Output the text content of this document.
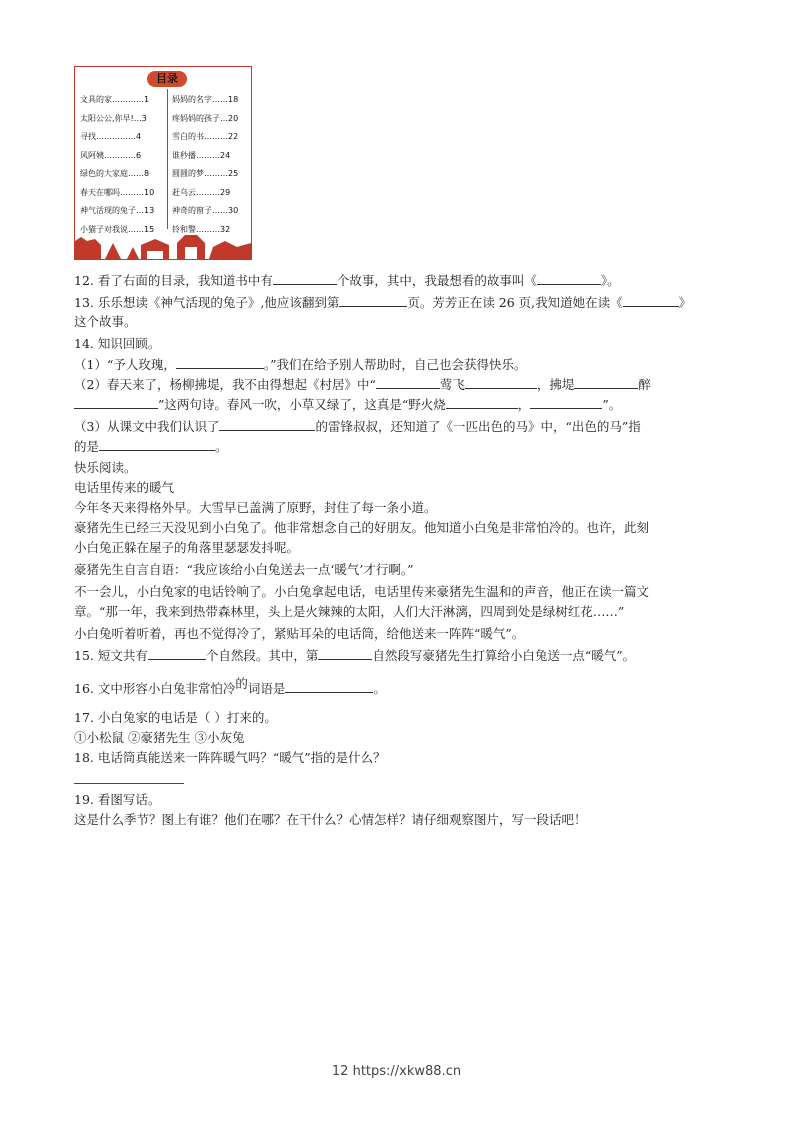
目录
文具的家…………1
太阳公公,你早!…3
寻找……………4
风阿姨…………6
绿色的大家庭……8
春天在哪吗………10
神气活现的兔子…13
小猫子对我说……15
妈妈的名字……18
疼妈妈的孩子…20
雪白的书………22
谁秒播………24
圆圆的梦………25
赶乌云………29
神奇的窗子……30
铃和警………32
12. 看了右面的目录，我知道书中有	个故事，其中，我最想看的故事叫《	》。
13. 乐乐想读《神气活现的兔子》,他应该翻到第	页。芳芳正在读 26 页,我知道她在读《	》
这个故事。
14. 知识回顾。
（1）“予人玫瑰，	。”我们在给予别人帮助时，自己也会获得快乐。
（2）春天来了，杨柳拂堤，我不由得想起《村居》中“	莺飞	，拂堤	醉
”这两句诗。春风一吹，小草又绿了，这真是“野火烧	，	”。
（3）从课文中我们认识了	的雷锋叔叔，还知道了《一匹出色的马》中，“出色的马”指
的是	。
快乐阅读。
电话里传来的暖气
今年冬天来得格外早。大雪早已盖满了原野，封住了每一条小道。
豪猪先生已经三天没见到小白兔了。他非常想念自己的好朋友。他知道小白兔是非常怕冷的。也许，此刻
小白兔正躲在屋子的角落里瑟瑟发抖呢。
豪猪先生自言自语：“我应该给小白兔送去一点‘暖气’才行啊。”
不一会儿，小白兔家的电话铃响了。小白兔拿起电话，电话里传来豪猪先生温和的声音，他正在读一篇文
章。“那一年，我来到热带森林里，头上是火辣辣的太阳，人们大汗淋漓，四周到处是绿树红花……”
小白兔听着听着，再也不觉得冷了，紧贴耳朵的电话筒，给他送来一阵阵“暖气”。
15. 短文共有	个自然段。其中，第	自然段写豪猪先生打算给小白兔送一点“暖气”。
16. 文中形容小白兔非常怕冷的词语是	。
17. 小白兔家的电话是（ ）打来的。
①小松鼠 ②豪猪先生 ③小灰兔
18. 电话筒真能送来一阵阵暖气吗？“暖气”指的是什么？
19. 看图写话。
这是什么季节？图上有谁？他们在哪？在干什么？心情怎样？请仔细观察图片，写一段话吧！
12 https://xkw88.cn
